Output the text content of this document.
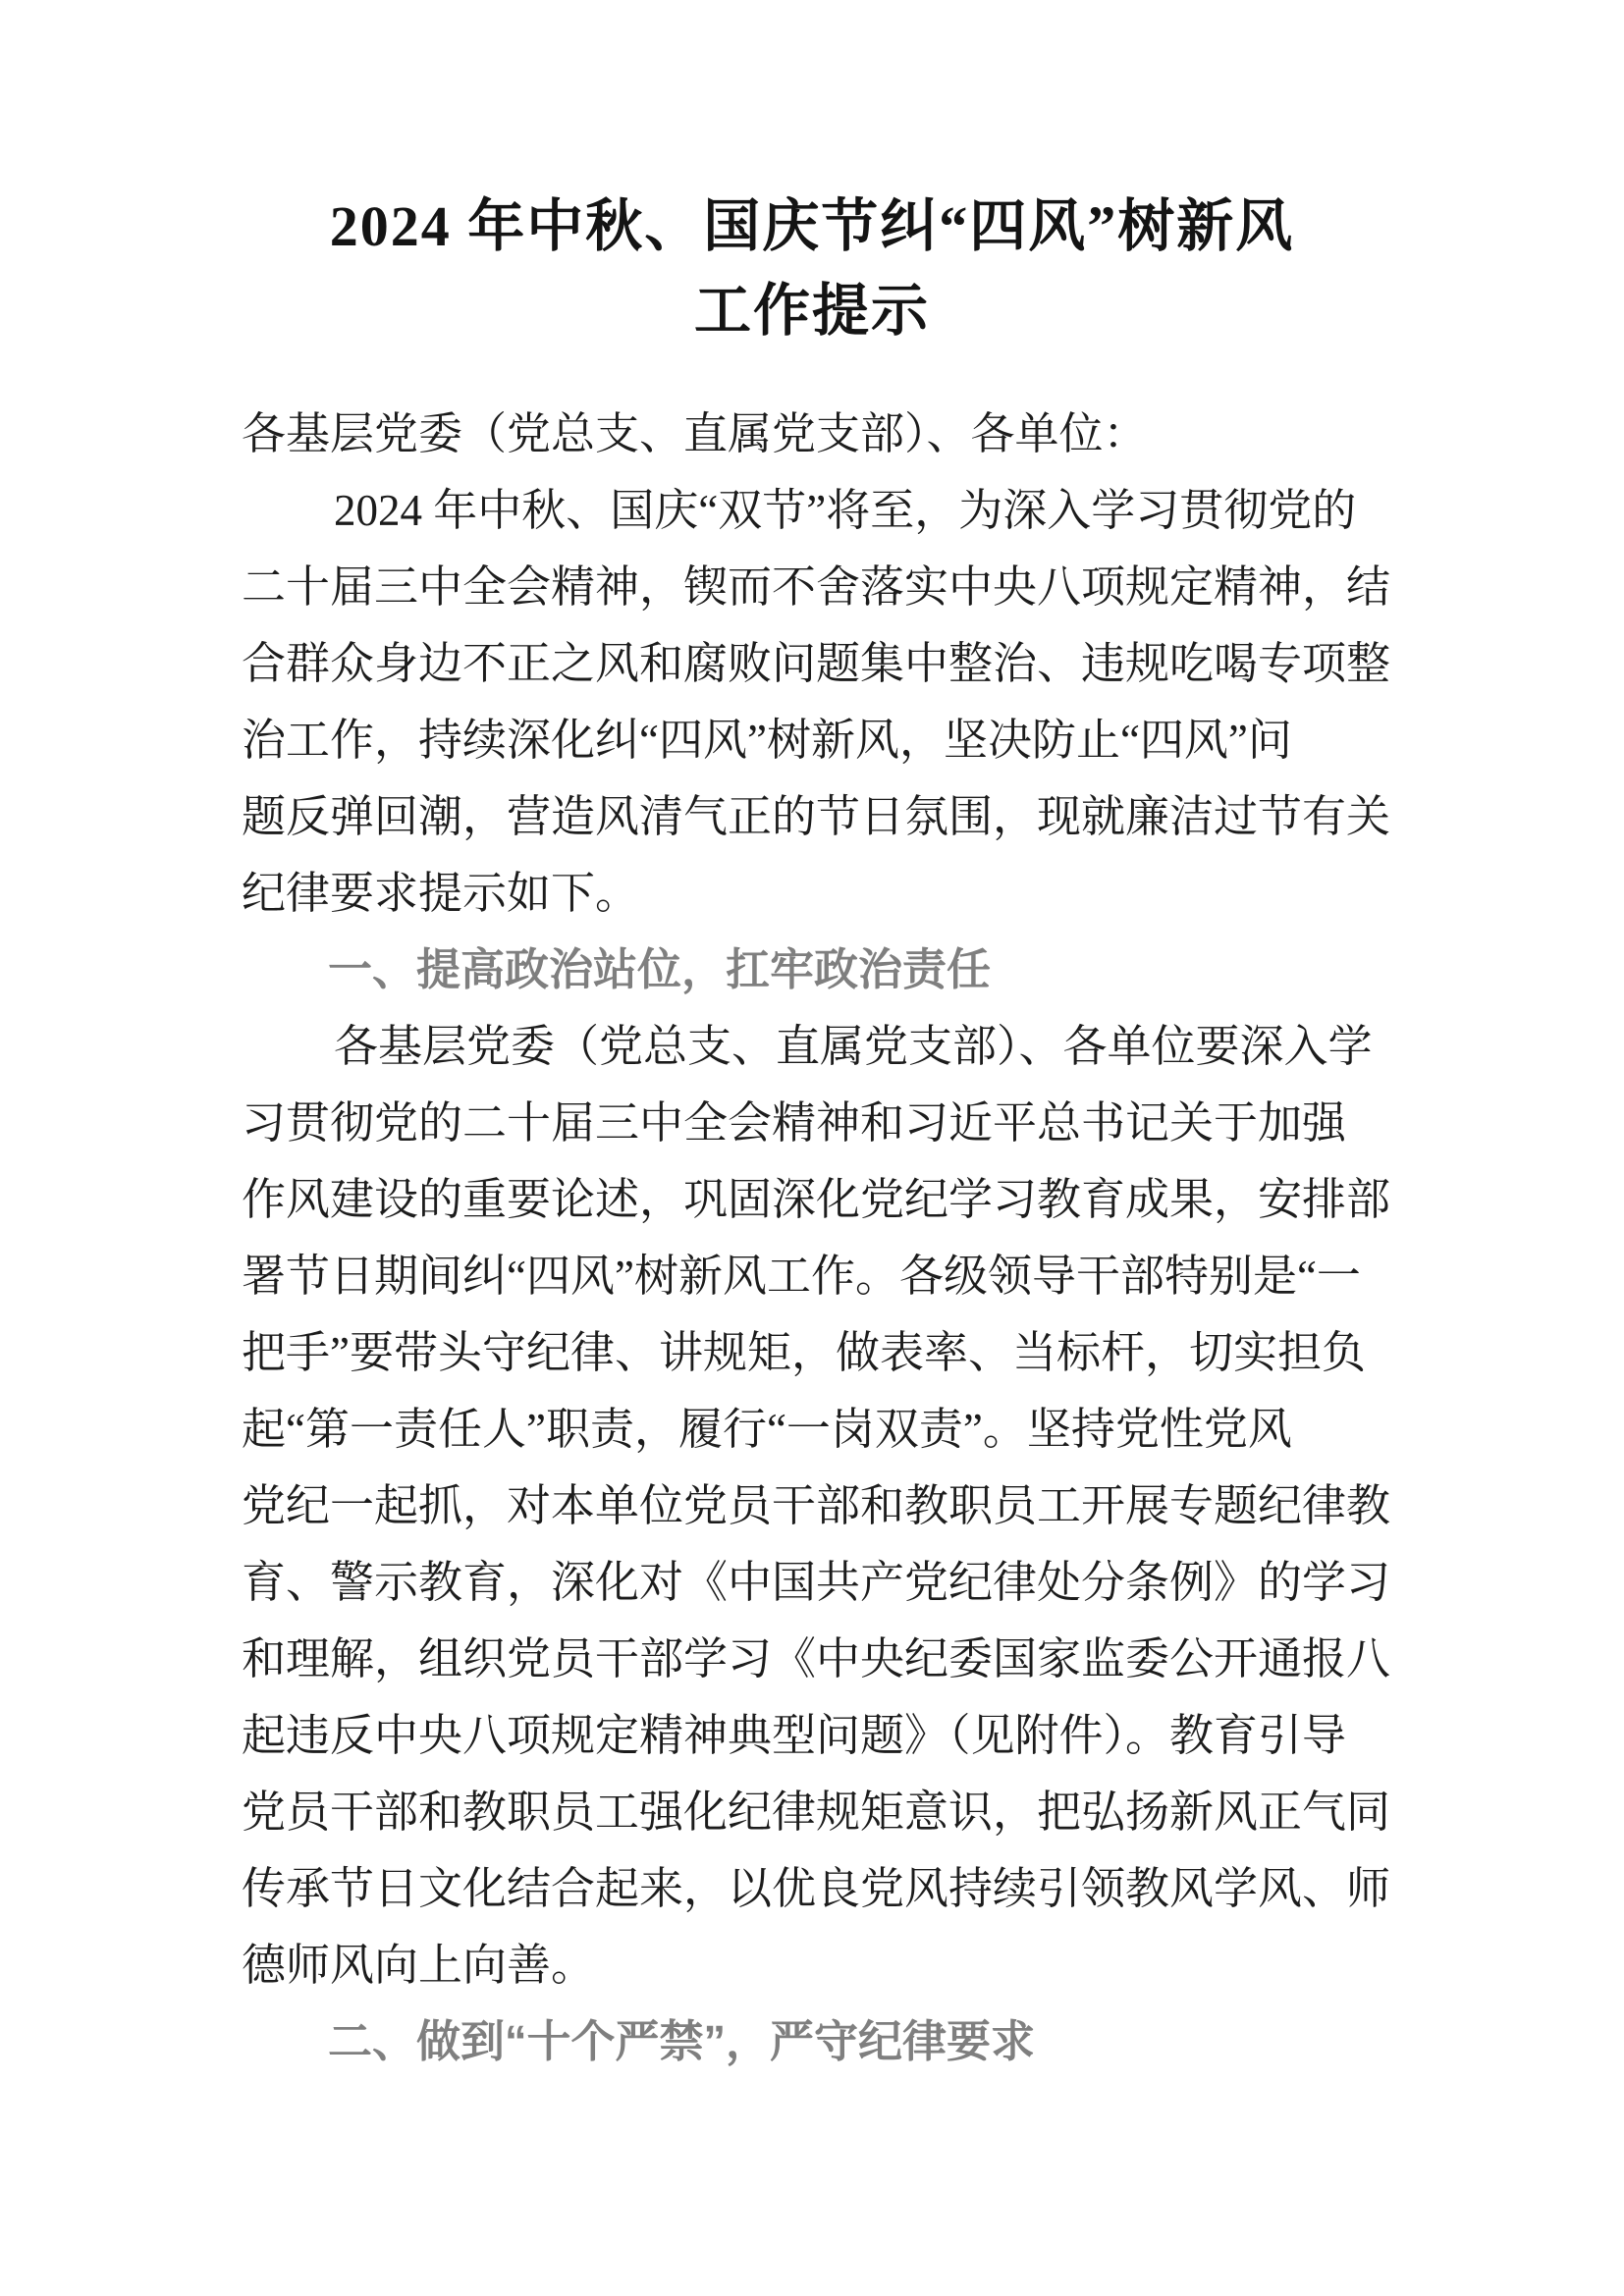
2024 年中秋、国庆节纠“四风”树新风
工作提示
各基层党委（党总支、直属党支部）、各单位：
2024 年中秋、国庆“双节”将至，为深入学习贯彻党的
二十届三中全会精神，锲而不舍落实中央八项规定精神，结
合群众身边不正之风和腐败问题集中整治、违规吃喝专项整
治工作，持续深化纠“四风”树新风，坚决防止“四风”问
题反弹回潮，营造风清气正的节日氛围，现就廉洁过节有关
纪律要求提示如下。
一、提高政治站位，扛牢政治责任
各基层党委（党总支、直属党支部）、各单位要深入学
习贯彻党的二十届三中全会精神和习近平总书记关于加强
作风建设的重要论述，巩固深化党纪学习教育成果，安排部
署节日期间纠“四风”树新风工作。各级领导干部特别是“一
把手”要带头守纪律、讲规矩，做表率、当标杆，切实担负
起“第一责任人”职责，履行“一岗双责”。坚持党性党风
党纪一起抓，对本单位党员干部和教职员工开展专题纪律教
育、警示教育，深化对《中国共产党纪律处分条例》的学习
和理解，组织党员干部学习《中央纪委国家监委公开通报八
起违反中央八项规定精神典型问题》（见附件）。教育引导
党员干部和教职员工强化纪律规矩意识，把弘扬新风正气同
传承节日文化结合起来，以优良党风持续引领教风学风、师
德师风向上向善。
二、做到“十个严禁”，严守纪律要求
